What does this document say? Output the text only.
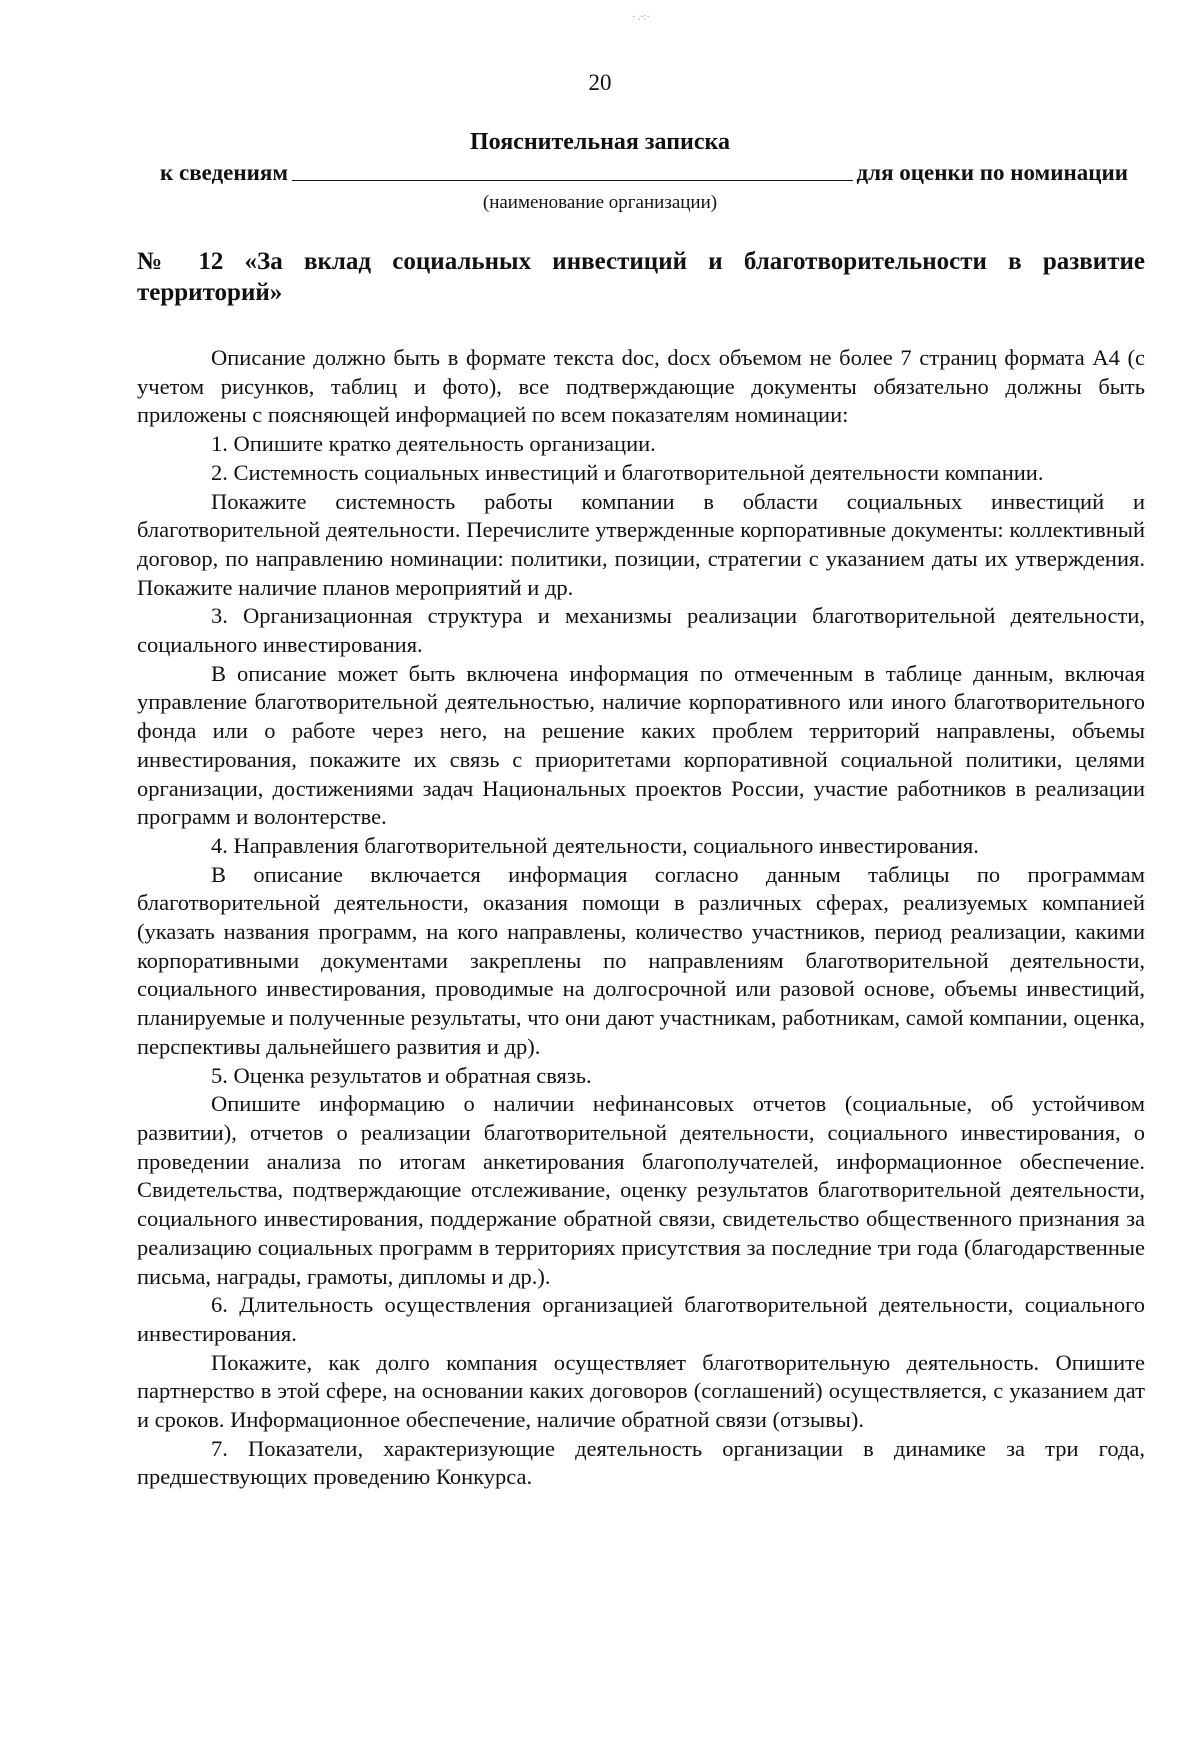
· .·:·
20
Пояснительная записка
к сведениям	для оценки по номинации
(наименование организации)
№ 12 «За вклад социальных инвестиций и благотворительности в развитие территорий»

Описание должно быть в формате текста doc, docx объемом не более 7 страниц формата А4 (с учетом рисунков, таблиц и фото), все подтверждающие документы обязательно должны быть приложены с поясняющей информацией по всем показателям номинации:

1. Опишите кратко деятельность организации.

2. Системность социальных инвестиций и благотворительной деятельности компании.

Покажите системность работы компании в области социальных инвестиций и благотворительной деятельности. Перечислите утвержденные корпоративные документы: коллективный договор, по направлению номинации: политики, позиции, стратегии с указанием даты их утверждения. Покажите наличие планов мероприятий и др.

3. Организационная структура и механизмы реализации благотворительной деятельности, социального инвестирования.

В описание может быть включена информация по отмеченным в таблице данным, включая управление благотворительной деятельностью, наличие корпоративного или иного благотворительного фонда или о работе через него, на решение каких проблем территорий направлены, объемы инвестирования, покажите их связь с приоритетами корпоративной социальной политики, целями организации, достижениями задач Национальных проектов России, участие работников в реализации программ и волонтерстве.

4. Направления благотворительной деятельности, социального инвестирования.

В описание включается информация согласно данным таблицы по программам благотворительной деятельности, оказания помощи в различных сферах, реализуемых компанией (указать названия программ, на кого направлены, количество участников, период реализации, какими корпоративными документами закреплены по направлениям благотворительной деятельности, социального инвестирования, проводимые на долгосрочной или разовой основе, объемы инвестиций, планируемые и полученные результаты, что они дают участникам, работникам, самой компании, оценка, перспективы дальнейшего развития и др).

5. Оценка результатов и обратная связь.

Опишите информацию о наличии нефинансовых отчетов (социальные, об устойчивом развитии), отчетов о реализации благотворительной деятельности, социального инвестирования, о проведении анализа по итогам анкетирования благополучателей, информационное обеспечение. Свидетельства, подтверждающие отслеживание, оценку результатов благотворительной деятельности, социального инвестирования, поддержание обратной связи, свидетельство общественного признания за реализацию социальных программ в территориях присутствия за последние три года (благодарственные письма, награды, грамоты, дипломы и др.).

6. Длительность осуществления организацией благотворительной деятельности, социального инвестирования.

Покажите, как долго компания осуществляет благотворительную деятельность. Опишите партнерство в этой сфере, на основании каких договоров (соглашений) осуществляется, с указанием дат и сроков. Информационное обеспечение, наличие обратной связи (отзывы).

7. Показатели, характеризующие деятельность организации в динамике за три года, предшествующих проведению Конкурса.
